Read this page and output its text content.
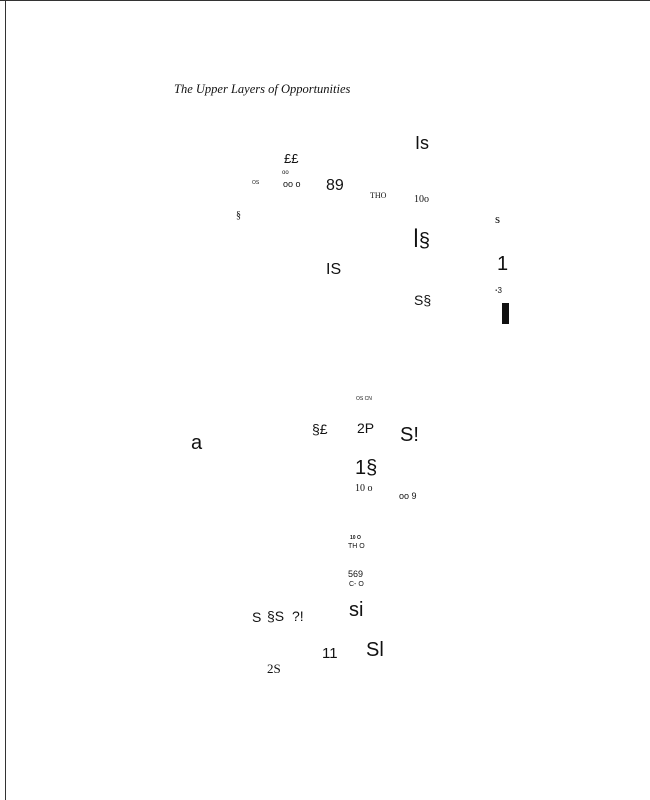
The Upper Layers of Opportunities
Is
IS
ꟾ§
S!
1§
2P
§£
si
?!
§S
Sl
2S
11
89
££
S§
a
S
1
s
§
oo o
oo
THO	10o
10 o
569
C- O
TH O
10 O
OS
OS CN
oo 9
ꞏ3
